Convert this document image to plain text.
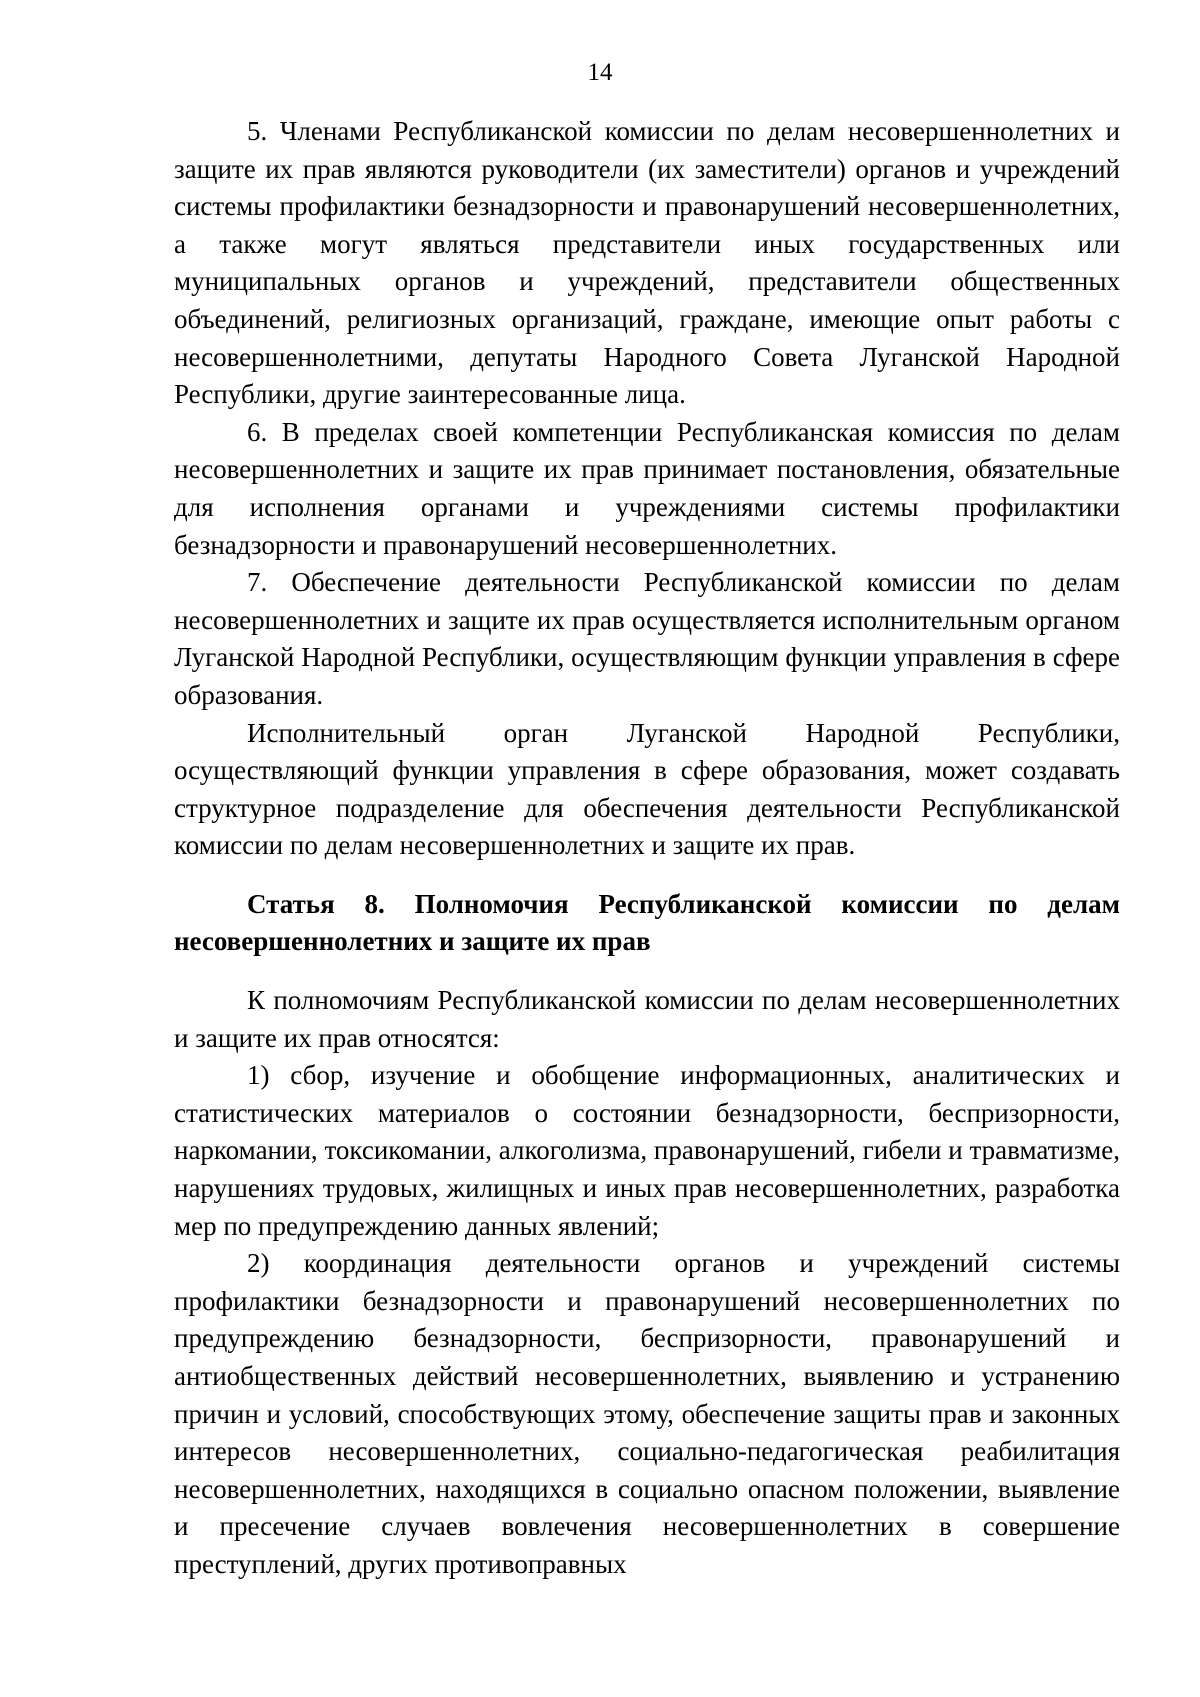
14

5. Членами Республиканской комиссии по делам несовершеннолетних и защите их прав являются руководители (их заместители) органов и учреждений системы профилактики безнадзорности и правонарушений несовершеннолетних, а также могут являться представители иных государственных или муниципальных органов и учреждений, представители общественных объединений, религиозных организаций, граждане, имеющие опыт работы с несовершеннолетними, депутаты Народного Совета Луганской Народной Республики, другие заинтересованные лица.

6. В пределах своей компетенции Республиканская комиссия по делам несовершеннолетних и защите их прав принимает постановления, обязательные для исполнения органами и учреждениями системы профилактики безнадзорности и правонарушений несовершеннолетних.

7. Обеспечение деятельности Республиканской комиссии по делам несовершеннолетних и защите их прав осуществляется исполнительным органом Луганской Народной Республики, осуществляющим функции управления в сфере образования.

Исполнительный орган Луганской Народной Республики, осуществляющий функции управления в сфере образования, может создавать структурное подразделение для обеспечения деятельности Республиканской комиссии по делам несовершеннолетних и защите их прав.

Статья 8. Полномочия Республиканской комиссии по делам несовершеннолетних и защите их прав

К полномочиям Республиканской комиссии по делам несовершеннолетних и защите их прав относятся:

1) сбор, изучение и обобщение информационных, аналитических и статистических материалов о состоянии безнадзорности, беспризорности, наркомании, токсикомании, алкоголизма, правонарушений, гибели и травматизме, нарушениях трудовых, жилищных и иных прав несовершеннолетних, разработка мер по предупреждению данных явлений;

2) координация деятельности органов и учреждений системы профилактики безнадзорности и правонарушений несовершеннолетних по предупреждению безнадзорности, беспризорности, правонарушений и антиобщественных действий несовершеннолетних, выявлению и устранению причин и условий, способствующих этому, обеспечение защиты прав и законных интересов несовершеннолетних, социально-педагогическая реабилитация несовершеннолетних, находящихся в социально опасном положении, выявление и пресечение случаев вовлечения несовершеннолетних в совершение преступлений, других противоправных
